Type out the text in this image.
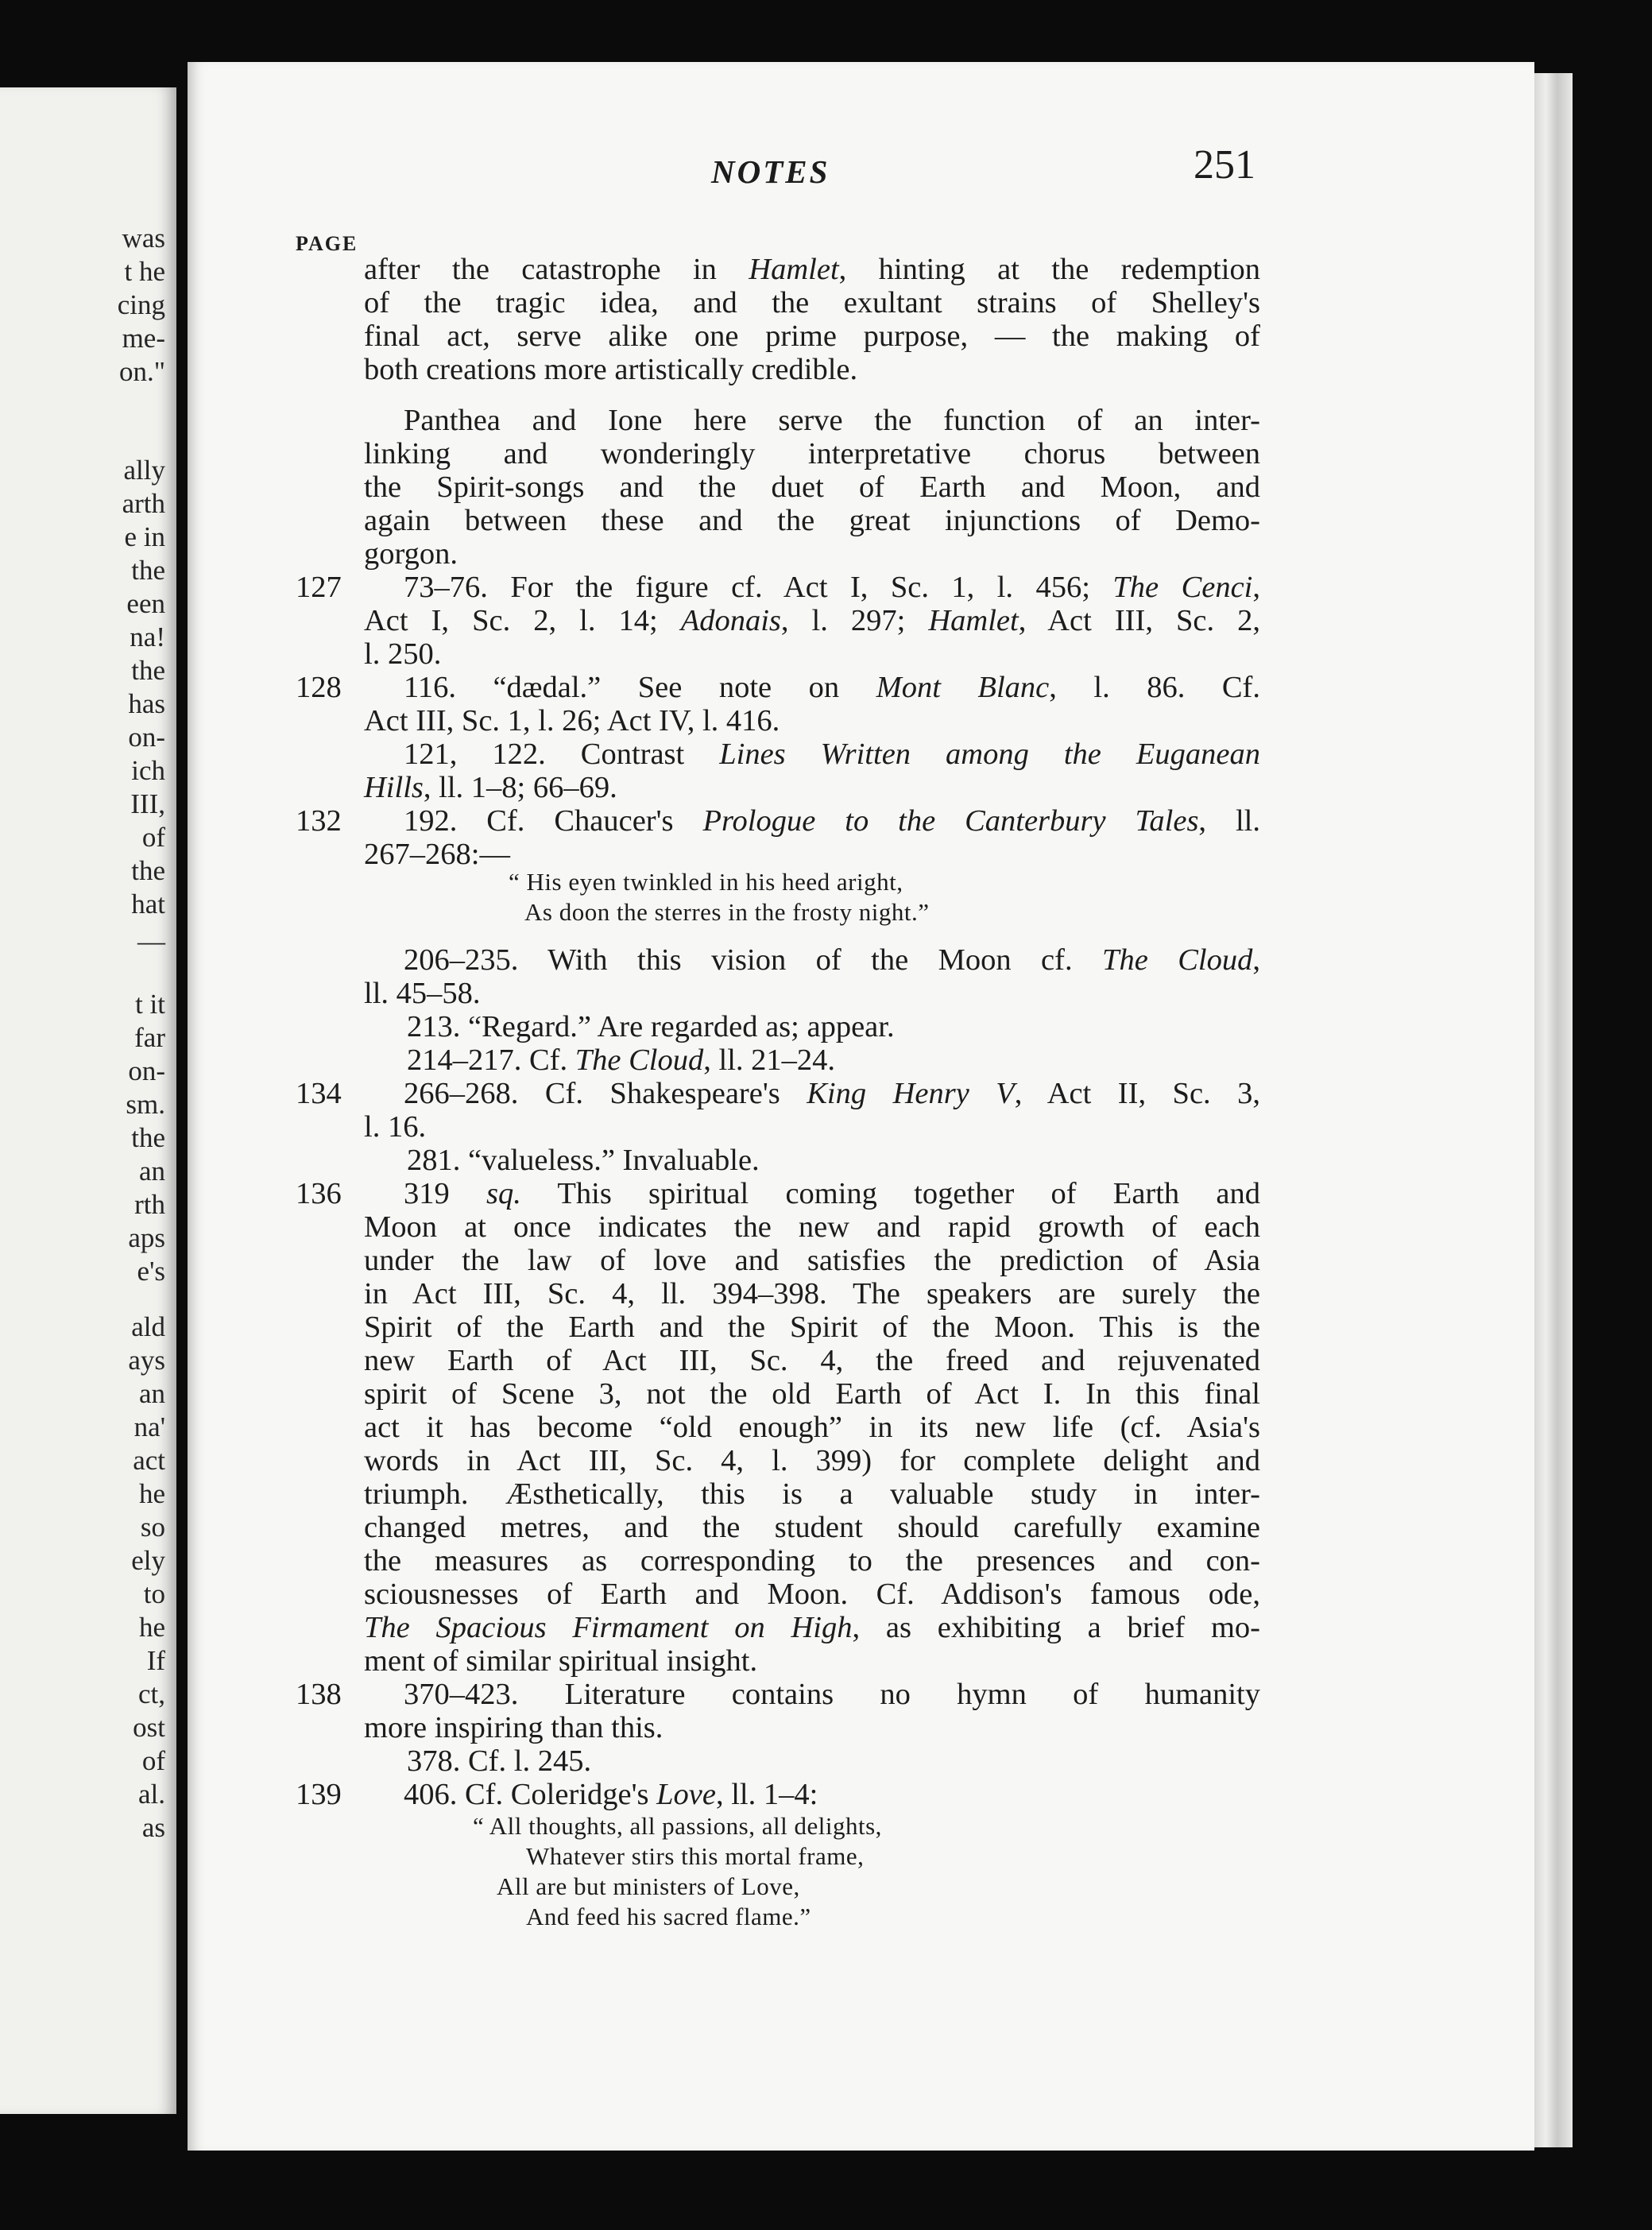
was
t he
cing
me-
on."
ally
arth
e in
the
een
na!
the
has
on-
ich
III,
of
the
hat
—
t it
far
on-
sm.
the
an
rth
aps
e's
ald
ays
an
na'
act
he
so
ely
to
he
If
ct,
ost
of
al.
as
NOTES	251
PAGE
after the catastrophe in Hamlet, hinting at the redemption
of the tragic idea, and the exultant strains of Shelley's
final act, serve alike one prime purpose, — the making of
both creations more artistically credible.
Panthea and Ione here serve the function of an inter-
linking and wonderingly interpretative chorus between
the Spirit-songs and the duet of Earth and Moon, and
again between these and the great injunctions of Demo-
gorgon.
127 73–76. For the figure cf. Act I, Sc. 1, l. 456; The Cenci,
Act I, Sc. 2, l. 14; Adonais, l. 297; Hamlet, Act III, Sc. 2,
l. 250.
128 116. “dædal.” See note on Mont Blanc, l. 86. Cf.
Act III, Sc. 1, l. 26; Act IV, l. 416.
121, 122. Contrast Lines Written among the Euganean
Hills, ll. 1–8; 66–69.
132 192. Cf. Chaucer's Prologue to the Canterbury Tales, ll.
267–268:—
“ His eyen twinkled in his heed aright,
As doon the sterres in the frosty night.”
206–235. With this vision of the Moon cf. The Cloud,
ll. 45–58.
213. “Regard.” Are regarded as; appear.
214–217. Cf. The Cloud, ll. 21–24.
134 266–268. Cf. Shakespeare's King Henry V, Act II, Sc. 3,
l. 16.
281. “valueless.” Invaluable.
136 319 sq. This spiritual coming together of Earth and
Moon at once indicates the new and rapid growth of each
under the law of love and satisfies the prediction of Asia
in Act III, Sc. 4, ll. 394–398. The speakers are surely the
Spirit of the Earth and the Spirit of the Moon. This is the
new Earth of Act III, Sc. 4, the freed and rejuvenated
spirit of Scene 3, not the old Earth of Act I. In this final
act it has become “old enough” in its new life (cf. Asia's
words in Act III, Sc. 4, l. 399) for complete delight and
triumph. Æsthetically, this is a valuable study in inter-
changed metres, and the student should carefully examine
the measures as corresponding to the presences and con-
sciousnesses of Earth and Moon. Cf. Addison's famous ode,
The Spacious Firmament on High, as exhibiting a brief mo-
ment of similar spiritual insight.
138 370–423. Literature contains no hymn of humanity
more inspiring than this.
378. Cf. l. 245.
139 406. Cf. Coleridge's Love, ll. 1–4:
“ All thoughts, all passions, all delights,
Whatever stirs this mortal frame,
All are but ministers of Love,
And feed his sacred flame.”
